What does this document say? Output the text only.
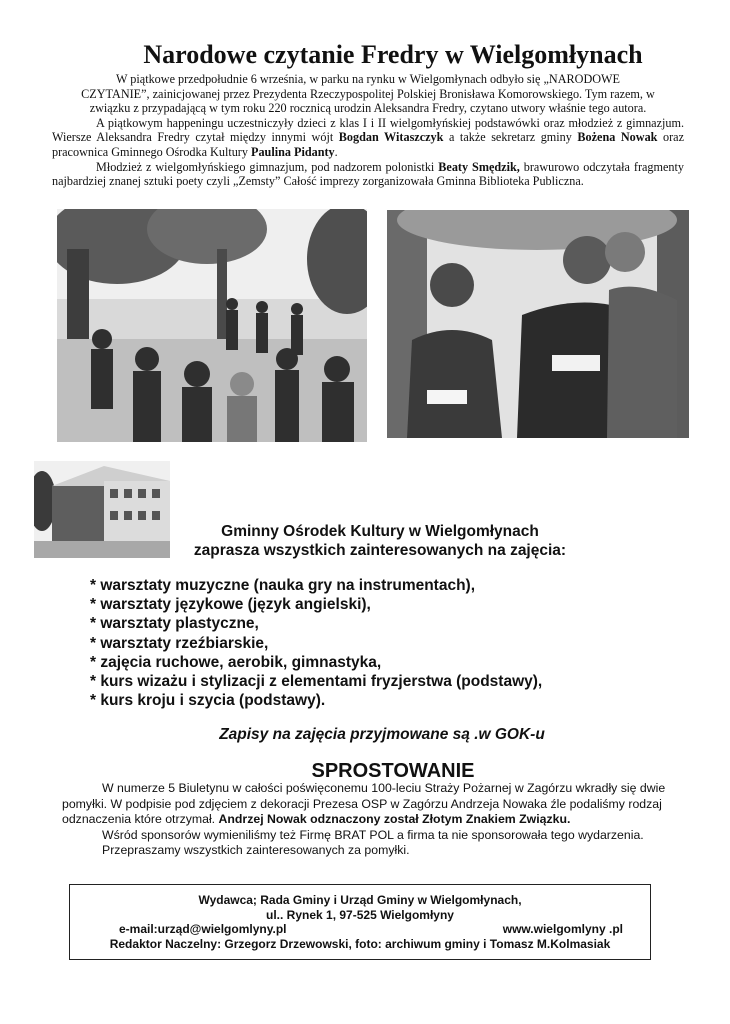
Narodowe czytanie Fredry w Wielgomłynach

W piątkowe przedpołudnie 6 września, w parku na rynku w Wielgomłynach odbyło się „NARODOWE

CZYTANIE”, zainicjowanej przez Prezydenta Rzeczypospolitej Polskiej Bronisława Komorowskiego. Tym razem, w

związku z przypadającą w tym roku 220 rocznicą urodzin Aleksandra Fredry, czytano utwory właśnie tego autora.

A piątkowym happeningu uczestniczyły dzieci z klas I i II wielgomłyńskiej podstawówki oraz młodzież z gimnazjum. Wiersze Aleksandra Fredry czytał między innymi wójt Bogdan Witaszczyk a także sekretarz gminy Bożena Nowak oraz pracownica Gminnego Ośrodka Kultury Paulina Pidanty.

Młodzież z wielgomłyńskiego gimnazjum, pod nadzorem polonistki Beaty Smędzik, brawurowo odczytała fragmenty najbardziej znanej sztuki poety czyli „Zemsty” Całość imprezy zorganizowała Gminna Biblioteka Publiczna.

Gminny Ośrodek Kultury w Wielgomłynach
zaprasza wszystkich zainteresowanych na zajęcia:
* warsztaty muzyczne (nauka gry na instrumentach),
* warsztaty językowe (język angielski),
* warsztaty plastyczne,
* warsztaty rzeźbiarskie,
* zajęcia ruchowe, aerobik, gimnastyka,
* kurs wizażu i stylizacji z elementami fryzjerstwa (podstawy),
* kurs kroju i szycia (podstawy).
Zapisy na zajęcia przyjmowane są .w GOK-u
SPROSTOWANIE

W numerze 5 Biuletynu w całości poświęconemu 100-leciu Straży Pożarnej w Zagórzu wkradły się dwie pomyłki. W podpisie pod zdjęciem z dekoracji Prezesa OSP w Zagórzu Andrzeja Nowaka źle podaliśmy rodzaj odznaczenia które otrzymał. Andrzej Nowak odznaczony został Złotym Znakiem Związku.

Wśród sponsorów wymieniliśmy też Firmę BRAT POL a firma ta nie sponsorowała tego wydarzenia.

Przepraszamy wszystkich zainteresowanych za pomyłki.

Wydawca; Rada Gminy i Urząd Gminy w Wielgomłynach,
ul.. Rynek 1, 97-525 Wielgomłyny
e-mail:urząd@wielgomlyny.pl	www.wielgomlyny .pl
Redaktor Naczelny: Grzegorz Drzewowski, foto: archiwum gminy i Tomasz M.Kolmasiak
